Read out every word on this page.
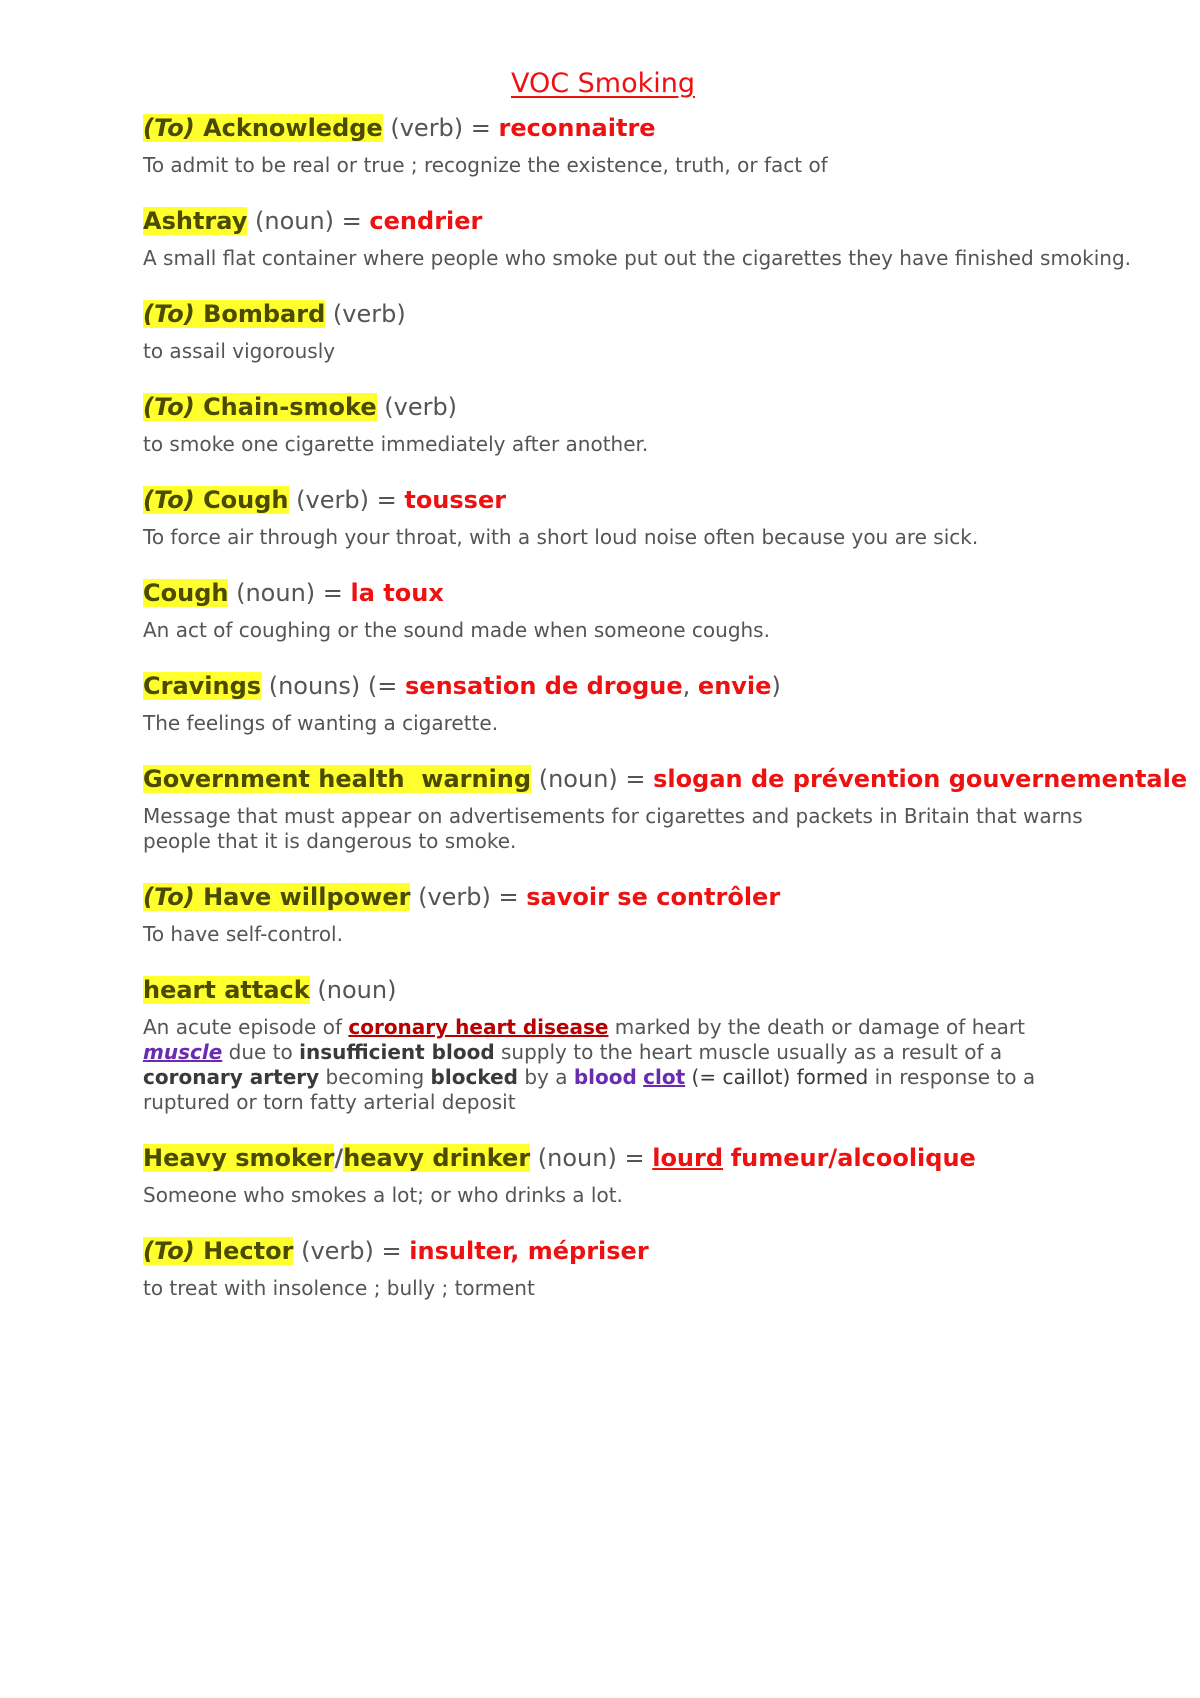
VOC Smoking
(To) Acknowledge (verb) = reconnaitre
To admit to be real or true ; recognize the existence, truth, or fact of
Ashtray (noun) = cendrier
A small flat container where people who smoke put out the cigarettes they have finished smoking.
(To) Bombard (verb)
to assail vigorously
(To) Chain-smoke (verb)
to smoke one cigarette immediately after another.
(To) Cough (verb) = tousser
To force air through your throat, with a short loud noise often because you are sick.
Cough (noun) = la toux
An act of coughing or the sound made when someone coughs.
Cravings (nouns) (= sensation de drogue, envie)
The feelings of wanting a cigarette.
Government health  warning (noun) = slogan de prévention gouvernementale
Message that must appear on advertisements for cigarettes and packets in Britain that warns people that it is dangerous to smoke.
(To) Have willpower (verb) = savoir se contrôler
To have self-control.
heart attack (noun)
An acute episode of coronary heart disease marked by the death or damage of heart muscle due to insufficient blood supply to the heart muscle usually as a result of a coronary artery becoming blocked by a blood clot (= caillot) formed in response to a ruptured or torn fatty arterial deposit
Heavy smoker/heavy drinker (noun) = lourd fumeur/alcoolique
Someone who smokes a lot; or who drinks a lot.
(To) Hector (verb) = insulter, mépriser
to treat with insolence ; bully ; torment
